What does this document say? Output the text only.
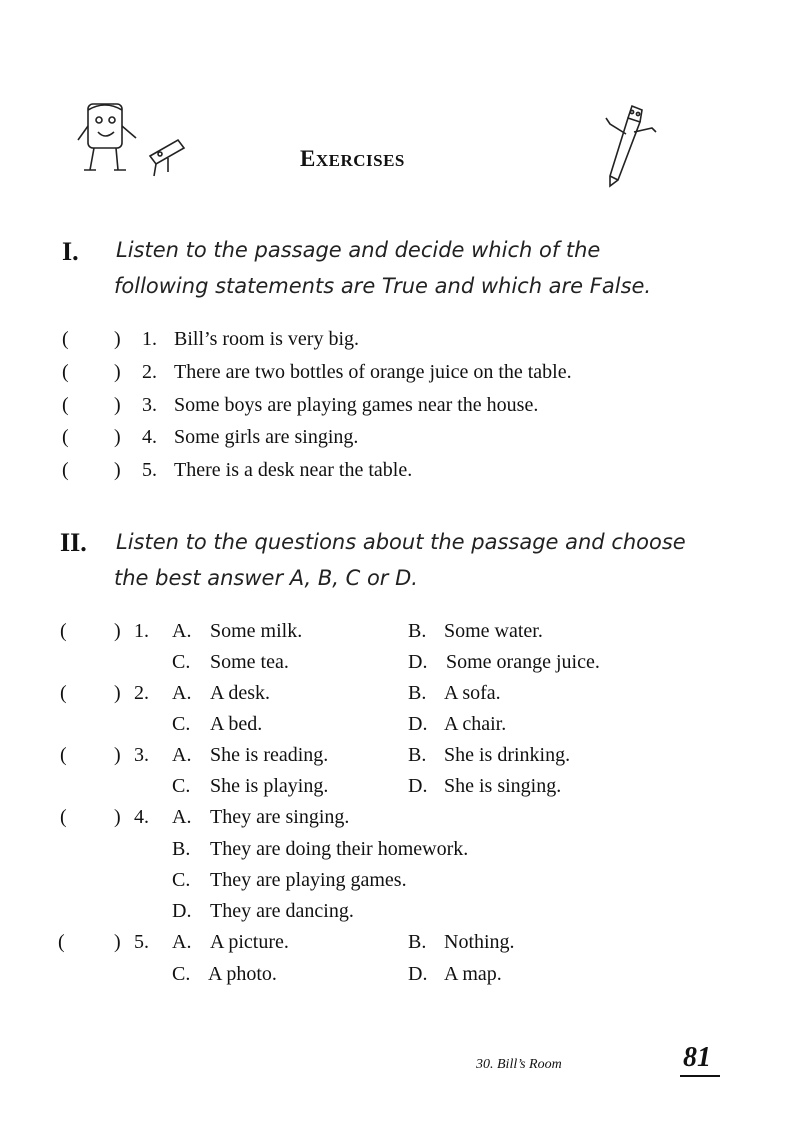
EXERCISES
I. Listen to the passage and decide which of the
following statements are True and which are False.
( ) 1. Bill’s room is very big.
( ) 2. There are two bottles of orange juice on the table.
( ) 3. Some boys are playing games near the house.
( ) 4. Some girls are singing.
( ) 5. There is a desk near the table.
II. Listen to the questions about the passage and choose
the best answer A, B, C or D.
( ) 1. A. Some milk.	B. Some water.
C. Some tea.	D. Some orange juice.
( ) 2. A. A desk.	B. A sofa.
C. A bed.	D. A chair.
( ) 3. A. She is reading.	B. She is drinking.
C. She is playing.	D. She is singing.
( ) 4. A. They are singing.
B. They are doing their homework.
C. They are playing games.
D. They are dancing.
( ) 5. A. A picture.	B. Nothing.
C. A photo.	D. A map.
30. Bill’s Room	81
